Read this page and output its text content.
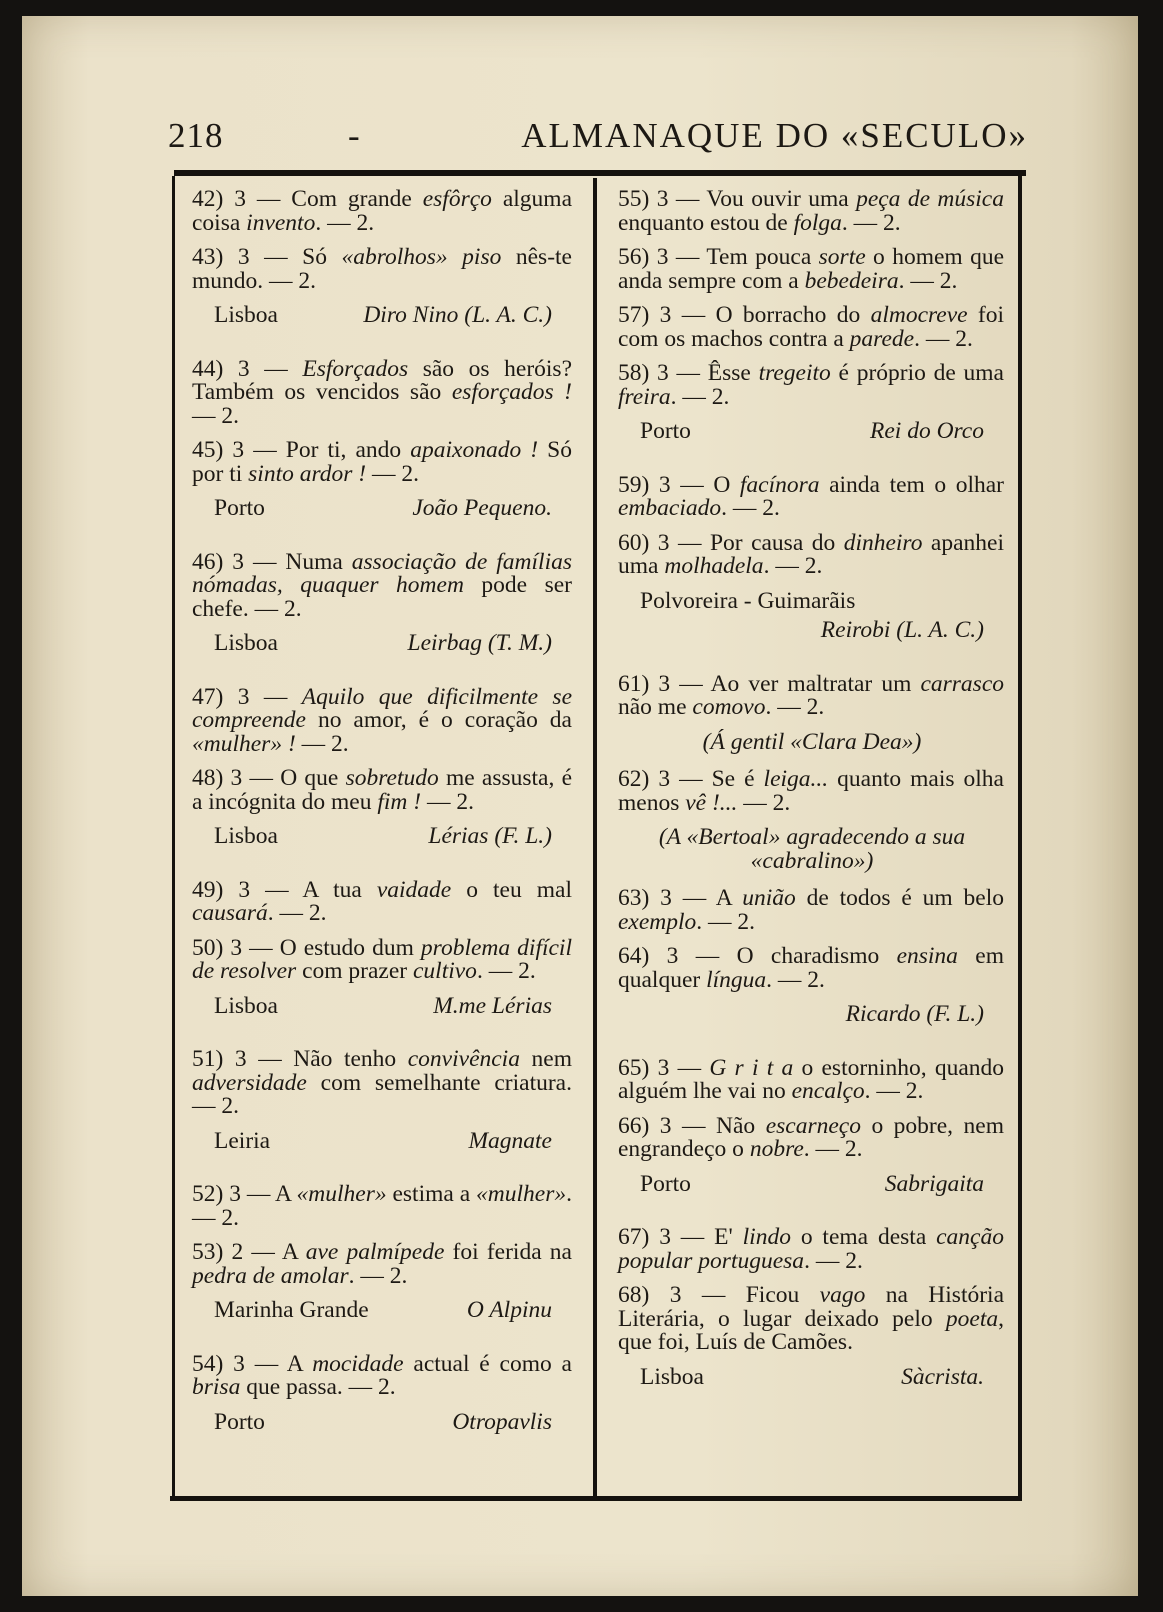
218	-	ALMANAQUE DO «SECULO»
42) 3 — Com grande esfôrço alguma coisa invento. — 2.
43) 3 — Só «abrolhos» piso nês-te mundo. — 2.
Lisboa	Diro Nino (L. A. C.)
44) 3 — Esforçados são os heróis? Também os vencidos são esforçados ! — 2.
45) 3 — Por ti, ando apaixonado ! Só por ti sinto ardor ! — 2.
Porto	João Pequeno.
46) 3 — Numa associação de famílias nómadas, quaquer homem pode ser chefe. — 2.
Lisboa	Leirbag (T. M.)
47) 3 — Aquilo que dificilmente se compreende no amor, é o coração da «mulher» ! — 2.
48) 3 — O que sobretudo me assusta, é a incógnita do meu fim ! — 2.
Lisboa	Lérias (F. L.)
49) 3 — A tua vaidade o teu mal causará. — 2.
50) 3 — O estudo dum problema difícil de resolver com prazer cultivo. — 2.
Lisboa	M.me Lérias
51) 3 — Não tenho convivência nem adversidade com semelhante criatura. — 2.
Leiria	Magnate
52) 3 — A «mulher» estima a «mulher». — 2.
53) 2 — A ave palmípede foi ferida na pedra de amolar. — 2.
Marinha Grande	O Alpinu
54) 3 — A mocidade actual é como a brisa que passa. — 2.
Porto	Otropavlis
55) 3 — Vou ouvir uma peça de música enquanto estou de folga. — 2.
56) 3 — Tem pouca sorte o homem que anda sempre com a bebedeira. — 2.
57) 3 — O borracho do almocreve foi com os machos contra a parede. — 2.
58) 3 — Êsse tregeito é próprio de uma freira. — 2.
Porto	Rei do Orco
59) 3 — O facínora ainda tem o olhar embaciado. — 2.
60) 3 — Por causa do dinheiro apanhei uma molhadela. — 2.
Polvoreira - Guimarãis
Reirobi (L. A. C.)
61) 3 — Ao ver maltratar um carrasco não me comovo. — 2.
(Á gentil «Clara Dea»)
62) 3 — Se é leiga... quanto mais olha menos vê !... — 2.
(A «Bertoal» agradecendo a sua «cabralino»)
63) 3 — A união de todos é um belo exemplo. — 2.
64) 3 — O charadismo ensina em qualquer língua. — 2.
Ricardo (F. L.)
65) 3 — G r i t a o estorninho, quando alguém lhe vai no encalço. — 2.
66) 3 — Não escarneço o pobre, nem engrandeço o nobre. — 2.
Porto	Sabrigaita
67) 3 — E' lindo o tema desta canção popular portuguesa. — 2.
68) 3 — Ficou vago na História Literária, o lugar deixado pelo poeta, que foi, Luís de Camões.
Lisboa	Sàcrista.
